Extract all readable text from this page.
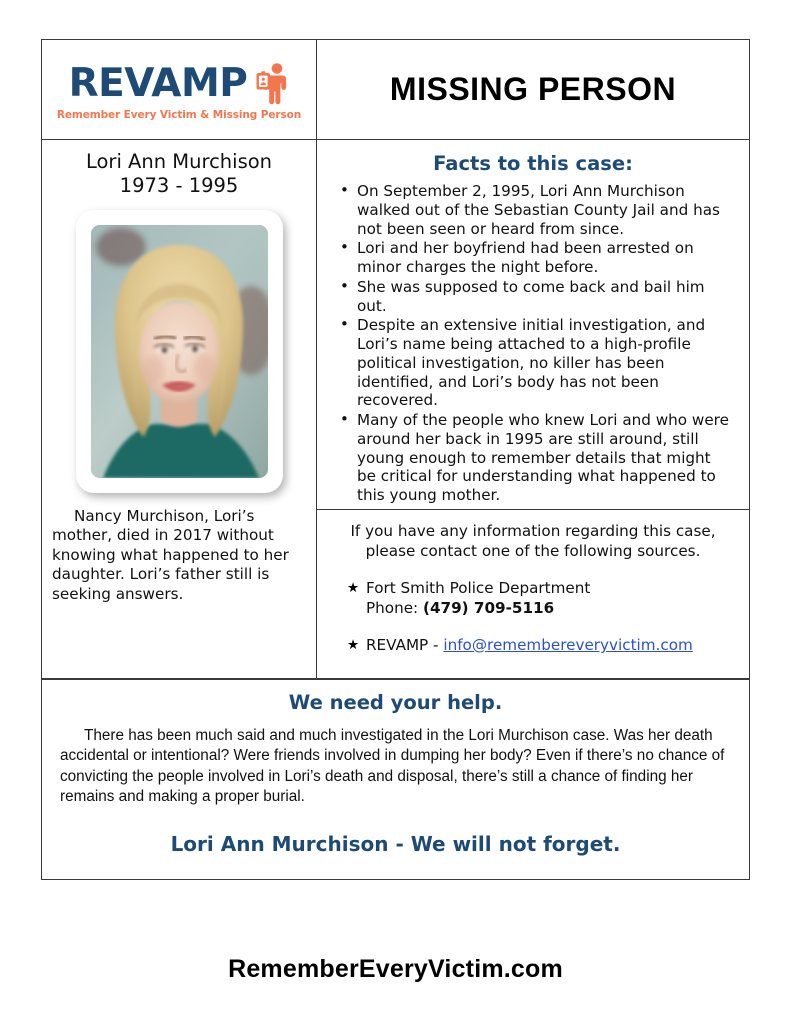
REVAMP
Remember Every Victim & Missing Person
MISSING PERSON
Lori Ann Murchison
1973 - 1995
Nancy Murchison, Lori’s mother, died in 2017 without knowing what happened to her daughter. Lori’s father still is seeking answers.
Facts to this case:
• On September 2, 1995, Lori Ann Murchison walked out of the Sebastian County Jail and has not been seen or heard from since.
• Lori and her boyfriend had been arrested on minor charges the night before.
• She was supposed to come back and bail him out.
• Despite an extensive initial investigation, and Lori’s name being attached to a high-profile political investigation, no killer has been identified, and Lori’s body has not been recovered.
• Many of the people who knew Lori and who were around her back in 1995 are still around, still young enough to remember details that might be critical for understanding what happened to this young mother.
If you have any information regarding this case, please contact one of the following sources.
★ Fort Smith Police Department
Phone: (479) 709-5116
★ REVAMP - info@remembereveryvictim.com
We need your help.
There has been much said and much investigated in the Lori Murchison case. Was her death accidental or intentional? Were friends involved in dumping her body? Even if there’s no chance of convicting the people involved in Lori’s death and disposal, there’s still a chance of finding her remains and making a proper burial.
Lori Ann Murchison - We will not forget.
RememberEveryVictim.com
